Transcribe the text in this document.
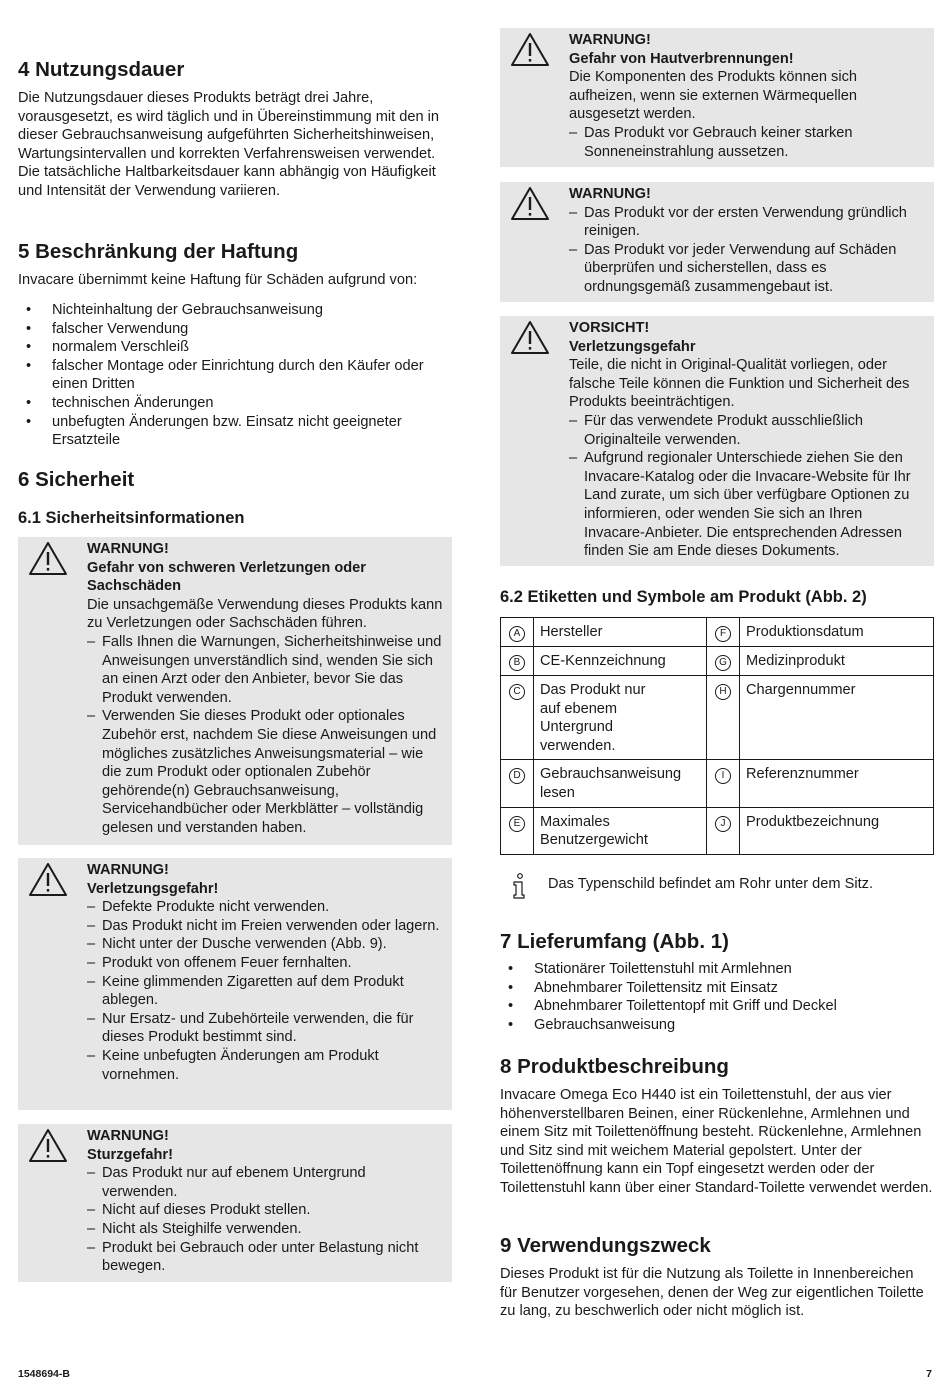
4 Nutzungsdauer

Die Nutzungsdauer dieses Produkts beträgt drei Jahre, vorausgesetzt, es wird täglich und in Übereinstimmung mit den in dieser Gebrauchsanweisung aufgeführten Sicherheitshinweisen, Wartungsintervallen und korrekten Verfahrensweisen verwendet. Die tatsächliche Haltbarkeitsdauer kann abhängig von Häufigkeit und Intensität der Verwendung variieren.

5 Beschränkung der Haftung

Invacare übernimmt keine Haftung für Schäden aufgrund von:

• Nichteinhaltung der Gebrauchsanweisung
• falscher Verwendung
• normalem Verschleiß
• falscher Montage oder Einrichtung durch den Käufer oder einen Dritten
• technischen Änderungen
• unbefugten Änderungen bzw. Einsatz nicht geeigneter Ersatzteile
6 Sicherheit
6.1 Sicherheitsinformationen
WARNUNG!
Gefahr von schweren Verletzungen oder Sachschäden
Die unsachgemäße Verwendung dieses Produkts kann zu Verletzungen oder Sachschäden führen.
– Falls Ihnen die Warnungen, Sicherheitshinweise und Anweisungen unverständlich sind, wenden Sie sich an einen Arzt oder den Anbieter, bevor Sie das Produkt verwenden.
– Verwenden Sie dieses Produkt oder optionales Zubehör erst, nachdem Sie diese Anweisungen und mögliches zusätzliches Anweisungsmaterial – wie die zum Produkt oder optionalen Zubehör gehörende(n) Gebrauchsanweisung, Servicehandbücher oder Merkblätter – vollständig gelesen und verstanden haben.
WARNUNG!
Verletzungsgefahr!
– Defekte Produkte nicht verwenden.
– Das Produkt nicht im Freien verwenden oder lagern.
– Nicht unter der Dusche verwenden (Abb. 9).
– Produkt von offenem Feuer fernhalten.
– Keine glimmenden Zigaretten auf dem Produkt ablegen.
– Nur Ersatz- und Zubehörteile verwenden, die für dieses Produkt bestimmt sind.
– Keine unbefugten Änderungen am Produkt vornehmen.
WARNUNG!
Sturzgefahr!
– Das Produkt nur auf ebenem Untergrund verwenden.
– Nicht auf dieses Produkt stellen.
– Nicht als Steighilfe verwenden.
– Produkt bei Gebrauch oder unter Belastung nicht bewegen.
WARNUNG!
Gefahr von Hautverbrennungen!
Die Komponenten des Produkts können sich aufheizen, wenn sie externen Wärmequellen ausgesetzt werden.
– Das Produkt vor Gebrauch keiner starken Sonneneinstrahlung aussetzen.
WARNUNG!
– Das Produkt vor der ersten Verwendung gründlich reinigen.
– Das Produkt vor jeder Verwendung auf Schäden überprüfen und sicherstellen, dass es ordnungsgemäß zusammengebaut ist.
VORSICHT!
Verletzungsgefahr
Teile, die nicht in Original-Qualität vorliegen, oder falsche Teile können die Funktion und Sicherheit des Produkts beeinträchtigen.
– Für das verwendete Produkt ausschließlich Originalteile verwenden.
– Aufgrund regionaler Unterschiede ziehen Sie den Invacare-Katalog oder die Invacare-Website für Ihr Land zurate, um sich über verfügbare Optionen zu informieren, oder wenden Sie sich an Ihren Invacare-Anbieter. Die entsprechenden Adressen finden Sie am Ende dieses Dokuments.
6.2 Etiketten und Symbole am Produkt (Abb. 2)
A	Hersteller	F	Produktionsdatum
B	CE-Kennzeichnung	G	Medizinprodukt
C	Das Produkt nur auf ebenem Untergrund verwenden.	H	Chargennummer
D	Gebrauchsanweisung lesen	I	Referenznummer
E	Maximales Benutzergewicht	J	Produktbezeichnung
Das Typenschild befindet am Rohr unter dem Sitz.
7 Lieferumfang (Abb. 1)
• Stationärer Toilettenstuhl mit Armlehnen
• Abnehmbarer Toilettensitz mit Einsatz
• Abnehmbarer Toilettentopf mit Griff und Deckel
• Gebrauchsanweisung
8 Produktbeschreibung

Invacare Omega Eco H440 ist ein Toilettenstuhl, der aus vier höhenverstellbaren Beinen, einer Rückenlehne, Armlehnen und einem Sitz mit Toilettenöffnung besteht. Rückenlehne, Armlehnen und Sitz sind mit weichem Material gepolstert. Unter der Toilettenöffnung kann ein Topf eingesetzt werden oder der Toilettenstuhl kann über einer Standard-Toilette verwendet werden.

9 Verwendungszweck

Dieses Produkt ist für die Nutzung als Toilette in Innenbereichen für Benutzer vorgesehen, denen der Weg zur eigentlichen Toilette zu lang, zu beschwerlich oder nicht möglich ist.

1548694-B	7
